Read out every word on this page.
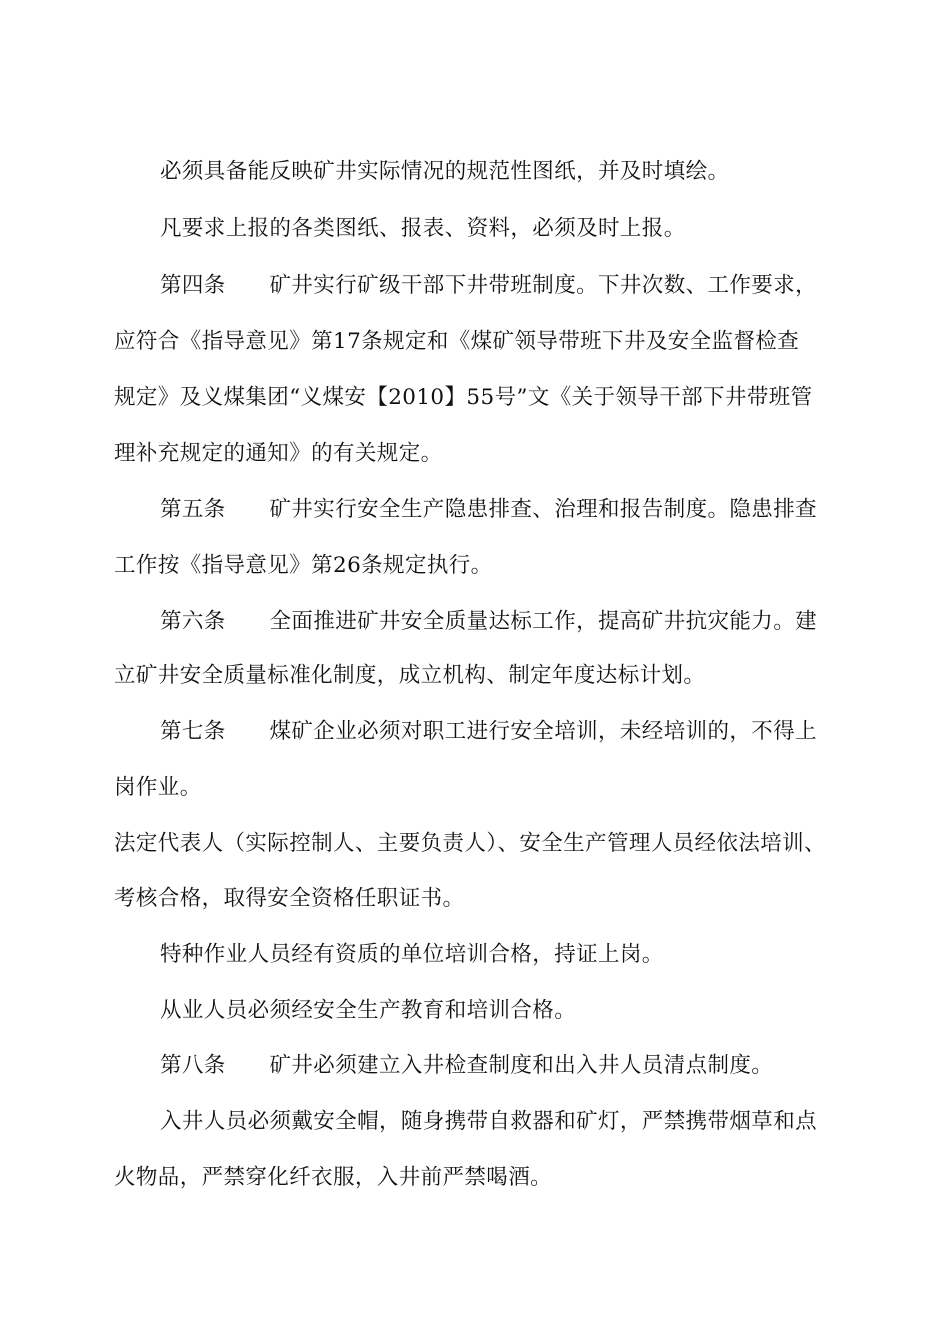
必须具备能反映矿井实际情况的规范性图纸，并及时填绘。
凡要求上报的各类图纸、报表、资料，必须及时上报。
第四条　　矿井实行矿级干部下井带班制度。下井次数、工作要求，
应符合《指导意见》第17条规定和《煤矿领导带班下井及安全监督检查
规定》及义煤集团“义煤安【2010】55号”文《关于领导干部下井带班管
理补充规定的通知》的有关规定。
第五条　　矿井实行安全生产隐患排查、治理和报告制度。隐患排查
工作按《指导意见》第26条规定执行。
第六条　　全面推进矿井安全质量达标工作，提高矿井抗灾能力。建
立矿井安全质量标准化制度，成立机构、制定年度达标计划。
第七条　　煤矿企业必须对职工进行安全培训，未经培训的，不得上
岗作业。
法定代表人（实际控制人、主要负责人）、安全生产管理人员经依法培训、
考核合格，取得安全资格任职证书。
特种作业人员经有资质的单位培训合格，持证上岗。
从业人员必须经安全生产教育和培训合格。
第八条　　矿井必须建立入井检查制度和出入井人员清点制度。
入井人员必须戴安全帽，随身携带自救器和矿灯，严禁携带烟草和点
火物品，严禁穿化纤衣服，入井前严禁喝酒。
